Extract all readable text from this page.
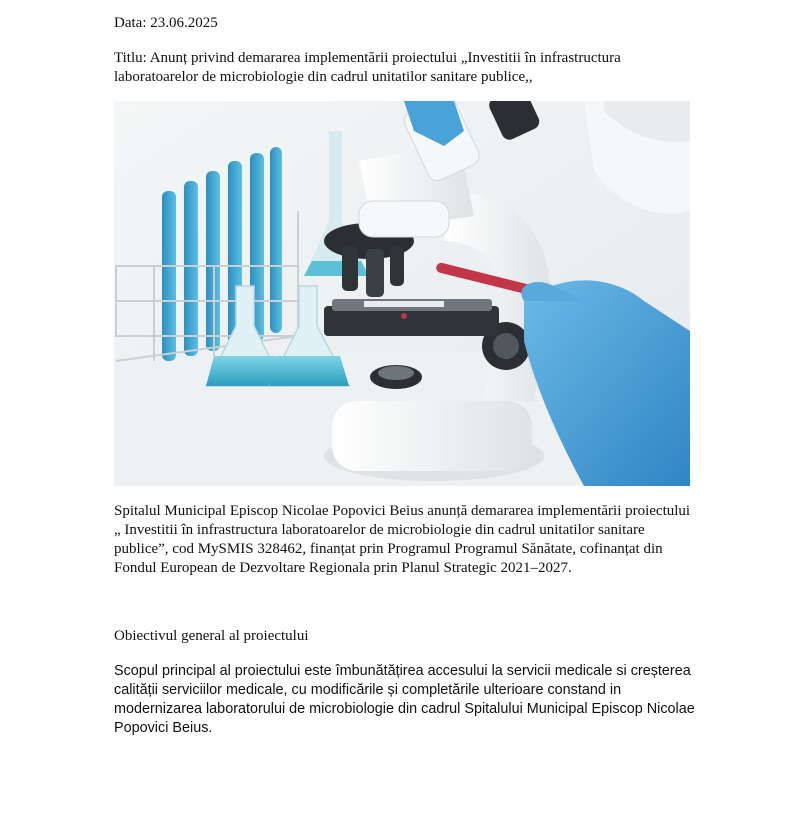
Data: 23.06.2025

Titlu: Anunț privind demararea implementării proiectului „Investitii în infrastructura laboratoarelor de microbiologie din cadrul unitatilor sanitare publice,,

Spitalul Municipal Episcop Nicolae Popovici Beius anunță demararea implementării proiectului „ Investitii în infrastructura laboratoarelor de microbiologie din cadrul unitatilor sanitare publice”, cod MySMIS 328462, finanțat prin Programul Programul Sănătate, cofinanțat din Fondul European de Dezvoltare Regionala prin Planul Strategic 2021–2027.

Obiectivul general al proiectului

Scopul principal al proiectului este îmbunătățirea accesului la servicii medicale si creșterea calității serviciilor medicale, cu modificările și completările ulterioare constand in modernizarea laboratorului de microbiologie din cadrul Spitalului Municipal Episcop Nicolae Popovici Beius.
